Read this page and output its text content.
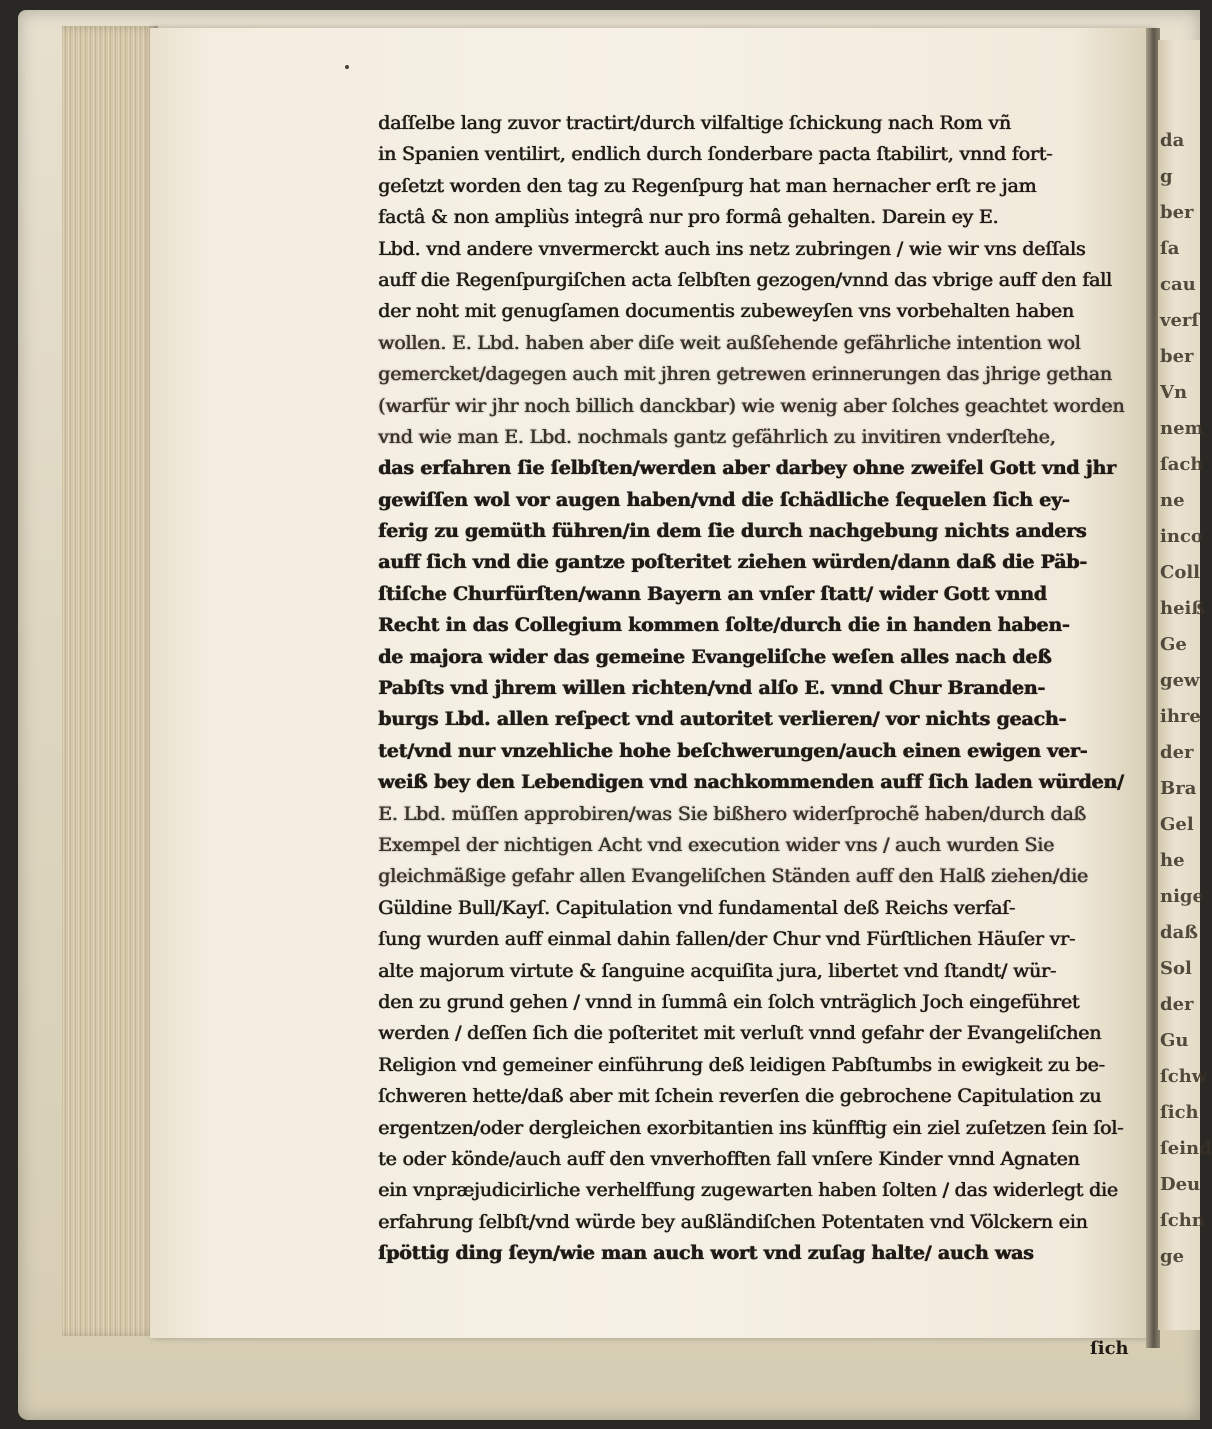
da
g
ber
ſa
cau
verſ
ber
Vn
nem
ſach
ne
inco
Coll
heiß
Ge
gew
ihre
der
Bra
Gel
he
nige
daß
Sol
der
Gu
ſchw
ſich
ſeind
Deu
ſchn
ge
daſſelbe lang zuvor tractirt/durch vilfaltige ſchickung nach Rom vñ
in Spanien ventilirt, endlich durch ſonderbare pacta ſtabilirt, vnnd fort-
geſetzt worden den tag zu Regenſpurg hat man hernacher erſt re jam
factâ & non ampliùs integrâ nur pro formâ gehalten. Darein ey E.
Lbd. vnd andere vnvermerckt auch ins netz zubringen / wie wir vns deſſals
auff die Regenſpurgiſchen acta ſelbſten gezogen/vnnd das vbrige auff den fall
der noht mit genugſamen documentis zubeweyſen vns vorbehalten haben
wollen. E. Lbd. haben aber diſe weit außſehende gefährliche intention wol
gemercket/dagegen auch mit jhren getrewen erinnerungen das jhrige gethan
(warfür wir jhr noch billich danckbar) wie wenig aber ſolches geachtet worden
vnd wie man E. Lbd. nochmals gantz gefährlich zu invitiren vnderſtehe,
das erfahren ſie ſelbſten/werden aber darbey ohne zweifel Gott vnd jhr
gewiſſen wol vor augen haben/vnd die ſchädliche ſequelen ſich ey-
ferig zu gemüth führen/in dem ſie durch nachgebung nichts anders
auff ſich vnd die gantze poſteritet ziehen würden/dann daß die Päb-
ſtiſche Churfürſten/wann Bayern an vnſer ſtatt/ wider Gott vnnd
Recht in das Collegium kommen ſolte/durch die in handen haben-
de majora wider das gemeine Evangeliſche weſen alles nach deß
Pabſts vnd jhrem willen richten/vnd alſo E. vnnd Chur Branden-
burgs Lbd. allen reſpect vnd autoritet verlieren/ vor nichts geach-
tet/vnd nur vnzehliche hohe beſchwerungen/auch einen ewigen ver-
weiß bey den Lebendigen vnd nachkommenden auff ſich laden würden/
E. Lbd. müſſen approbiren/was Sie bißhero widerſprochẽ haben/durch daß
Exempel der nichtigen Acht vnd execution wider vns / auch wurden Sie
gleichmäßige gefahr allen Evangeliſchen Ständen auff den Halß ziehen/die
Güldine Bull/Kayſ. Capitulation vnd fundamental deß Reichs verfaſ-
ſung wurden auff einmal dahin fallen/der Chur vnd Fürſtlichen Häuſer vr-
alte majorum virtute & ſanguine acquiſita jura, libertet vnd ſtandt/ wür-
den zu grund gehen / vnnd in ſummâ ein ſolch vnträglich Joch eingeführet
werden / deſſen ſich die poſteritet mit verluſt vnnd gefahr der Evangeliſchen
Religion vnd gemeiner einführung deß leidigen Pabſtumbs in ewigkeit zu be-
ſchweren hette/daß aber mit ſchein reverſen die gebrochene Capitulation zu
ergentzen/oder dergleichen exorbitantien ins künfftig ein ziel zuſetzen ſein ſol-
te oder könde/auch auff den vnverhofften fall vnſere Kinder vnnd Agnaten
ein vnpræjudicirliche verhelffung zugewarten haben ſolten / das widerlegt die
erfahrung ſelbſt/vnd würde bey außländiſchen Potentaten vnd Völckern ein
ſpöttig ding ſeyn/wie man auch wort vnd zuſag halte/ auch was
ſich
